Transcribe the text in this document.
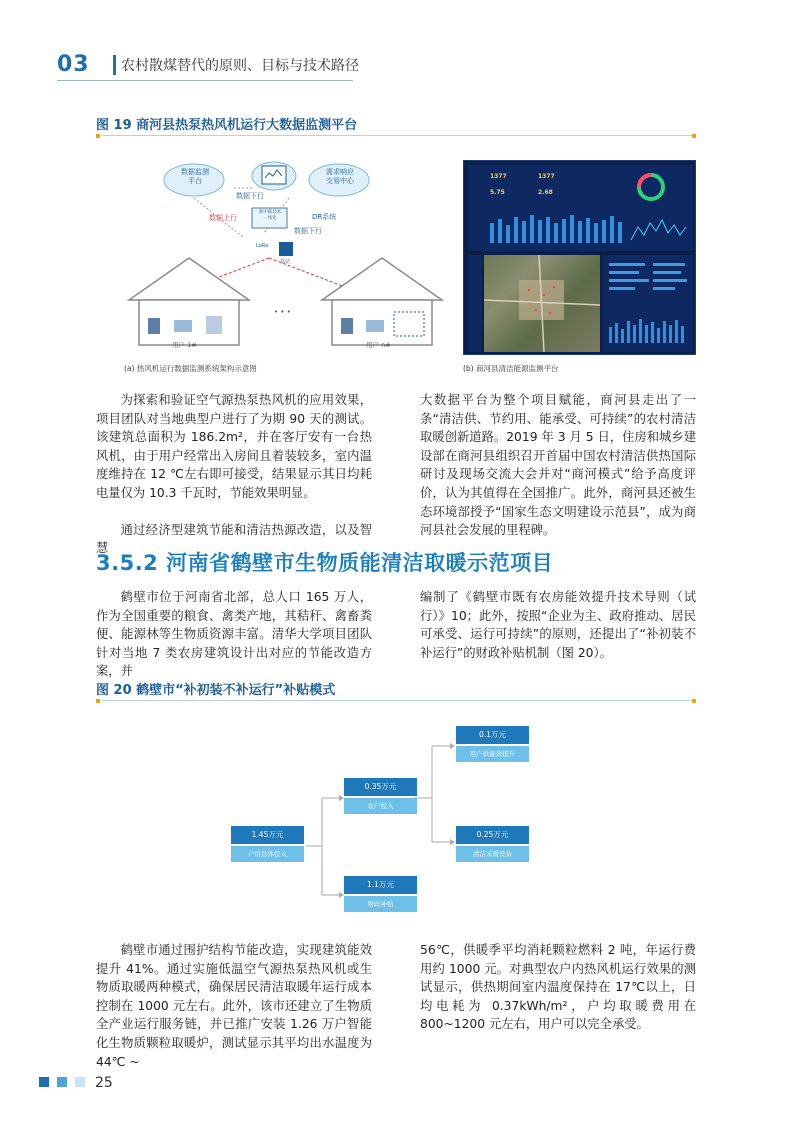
03 农村散煤替代的原则、目标与技术路径
图 19 商河县热泵热风机运行大数据监测平台
数据监测
平台
需求响应
交易中心
数据下行
数据上行
数据下行
DR系统
新中联技术
一体化
LoRa
基站
• • •
用户 1#	用户 n#
(a) 热风机运行数据监测系统架构示意图
1377	1377
5.75	2.68
(b) 商河县清洁能源监测平台

为探索和验证空气源热泵热风机的应用效果，项目团队对当地典型户进行了为期 90 天的测试。该建筑总面积为 186.2m²，并在客厅安有一台热风机，由于用户经常出入房间且着装较多，室内温度维持在 12 ℃左右即可接受，结果显示其日均耗电量仅为 10.3 千瓦时，节能效果明显。

通过经济型建筑节能和清洁热源改造，以及智慧

大数据平台为整个项目赋能，商河县走出了一条“清洁供、节约用、能承受、可持续”的农村清洁取暖创新道路。2019 年 3 月 5 日，住房和城乡建设部在商河县组织召开首届中国农村清洁供热国际研讨及现场交流大会并对“商河模式”给予高度评价，认为其值得在全国推广。此外，商河县还被生态环境部授予“国家生态文明建设示范县”，成为商河县社会发展的里程碑。

3.5.2 河南省鹤壁市生物质能清洁取暖示范项目

鹤壁市位于河南省北部，总人口 165 万人，作为全国重要的粮食、禽类产地，其秸秆、禽畜粪便、能源林等生物质资源丰富。清华大学项目团队针对当地 7 类农房建筑设计出对应的节能改造方案，并

编制了《鹤壁市既有农房能效提升技术导则（试行）》10；此外，按照“企业为主、政府推动、居民可承受、运行可持续”的原则，还提出了“补初装不补运行”的财政补贴机制（图 20）。

图 20 鹤壁市“补初装不补运行”补贴模式
1.45万元
户用总体投入
0.35万元
农户投入
1.1万元
财政补贴
0.1万元
用户供能效提升
0.25万元
清洁采暖设备

鹤壁市通过围护结构节能改造，实现建筑能效提升 41%。通过实施低温空气源热泵热风机或生物质取暖两种模式，确保居民清洁取暖年运行成本控制在 1000 元左右。此外，该市还建立了生物质全产业运行服务链，并已推广安装 1.26 万户智能化生物质颗粒取暖炉，测试显示其平均出水温度为 44℃ ~

56℃，供暖季平均消耗颗粒燃料 2 吨，年运行费用约 1000 元。对典型农户内热风机运行效果的测试显示，供热期间室内温度保持在 17℃以上，日均电耗为 0.37kWh/m²，户均取暖费用在 800~1200 元左右，用户可以完全承受。

25
